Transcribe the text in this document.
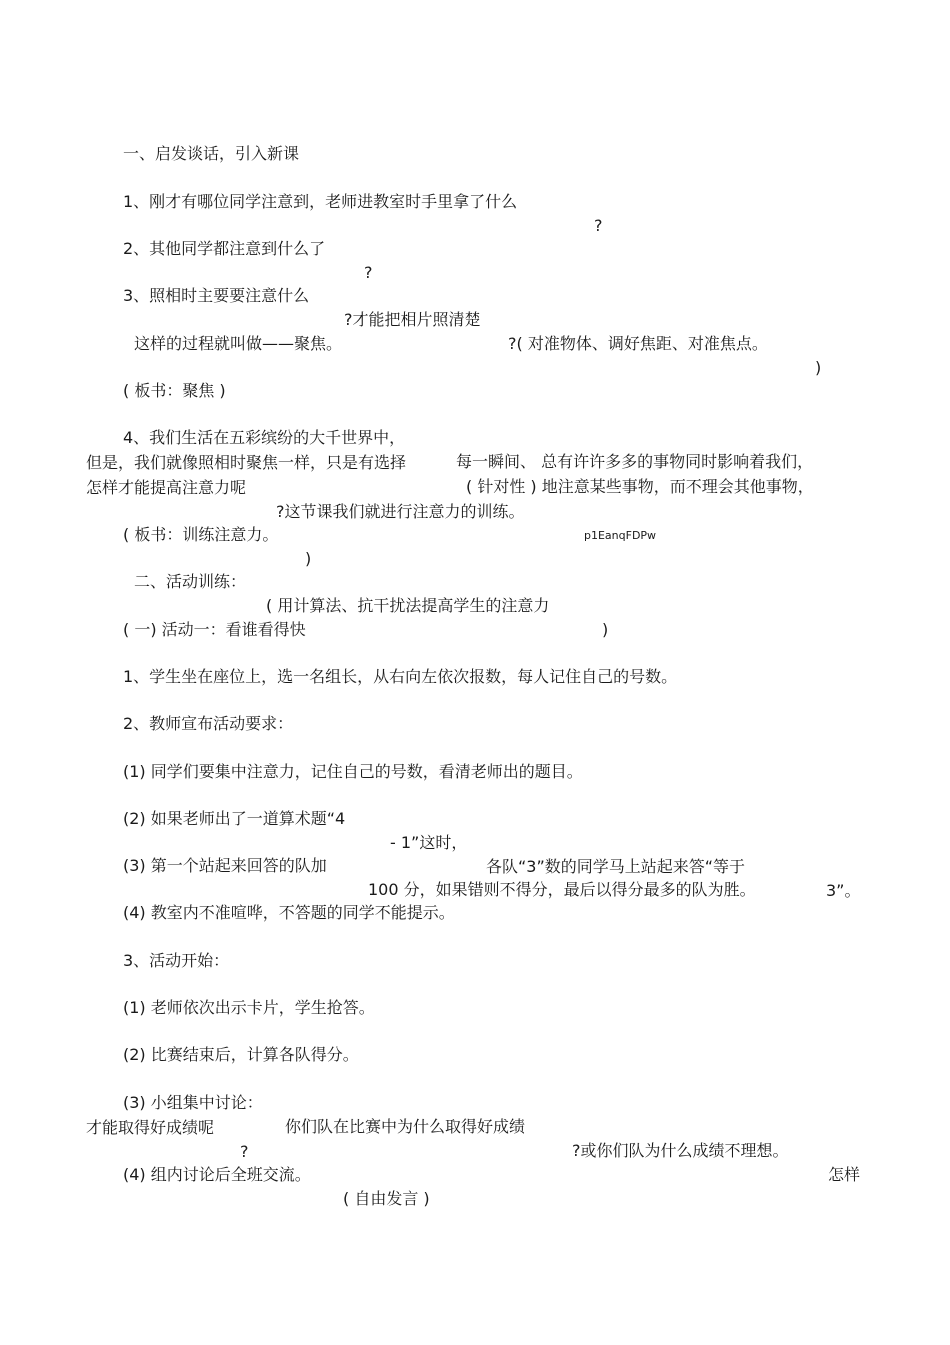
一、启发谈话，引入新课

1、刚才有哪位同学注意到，老师进教室时手里拿了什么

?

2、其他同学都注意到什么了

?

3、照相时主要要注意什么

?才能把相片照清楚

?( 对准物体、调好焦距、对准焦点。

)

这样的过程就叫做——聚焦。

( 板书：聚焦 )

4、我们生活在五彩缤纷的大千世界中，

每一瞬间、 总有许许多多的事物同时影响着我们，

但是，我们就像照相时聚焦一样，只是有选择

( 针对性 ) 地注意某些事物，而不理会其他事物，

怎样才能提高注意力呢

?这节课我们就进行注意力的训练。

p1EanqFDPw

( 板书：训练注意力。

)

二、活动训练：

( 用计算法、抗干扰法提高学生的注意力

)

( 一) 活动一：看谁看得快

1、学生坐在座位上，选一名组长，从右向左依次报数，每人记住自己的号数。

2、教师宣布活动要求：

(1) 同学们要集中注意力，记住自己的号数，看清老师出的题目。

(2) 如果老师出了一道算术题“4

- 1”这时，

各队“3”数的同学马上站起来答“等于

3”。

(3) 第一个站起来回答的队加

100 分，如果错则不得分，最后以得分最多的队为胜。

(4) 教室内不准喧哗，不答题的同学不能提示。

3、活动开始：

(1) 老师依次出示卡片，学生抢答。

(2) 比赛结束后，计算各队得分。

(3) 小组集中讨论：

你们队在比赛中为什么取得好成绩

?或你们队为什么成绩不理想。

怎样

才能取得好成绩呢

?

(4) 组内讨论后全班交流。

( 自由发言 )
